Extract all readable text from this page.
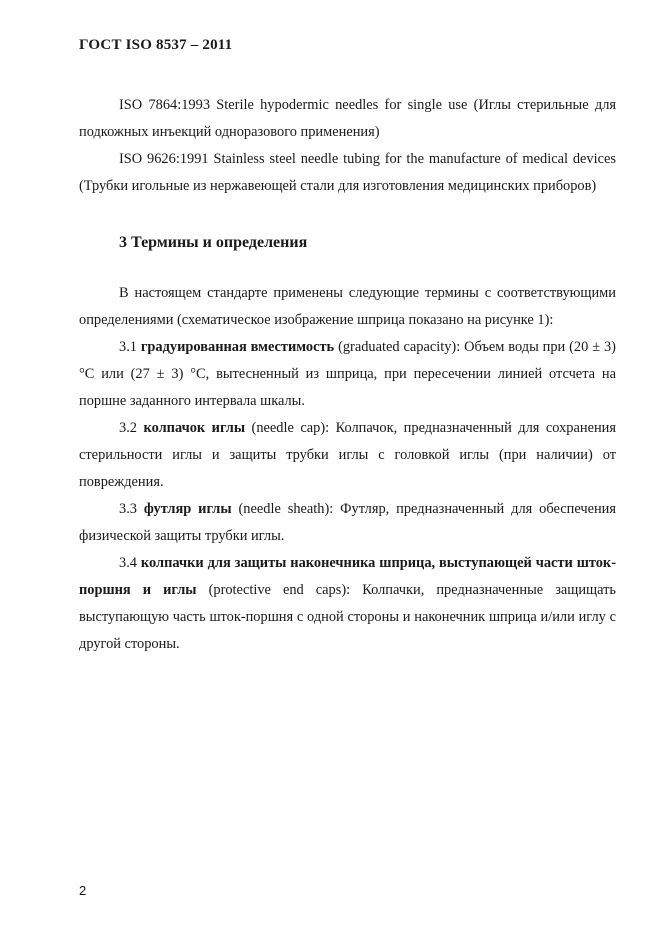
ГОСТ ISO 8537 – 2011

ISO 7864:1993 Sterile hypodermic needles for single use (Иглы стерильные для подкожных инъекций одноразового применения)

ISO 9626:1991 Stainless steel needle tubing for the manufacture of medical devices (Трубки игольные из нержавеющей стали для изготовления медицинских приборов)

3 Термины и определения

В настоящем стандарте применены следующие термины с соответствующими определениями (схематическое изображение шприца показано на рисунке 1):

3.1 градуированная вместимость (graduated capacity): Объем воды при (20 ± 3) °С или (27 ± 3) °С, вытесненный из шприца, при пересечении линией отсчета на поршне заданного интервала шкалы.

3.2 колпачок иглы (needle cap): Колпачок, предназначенный для сохранения стерильности иглы и защиты трубки иглы с головкой иглы (при наличии) от повреждения.

3.3 футляр иглы (needle sheath): Футляр, предназначенный для обеспечения физической защиты трубки иглы.

3.4 колпачки для защиты наконечника шприца, выступающей части шток-поршня и иглы (protective end caps): Колпачки, предназначенные защищать выступающую часть шток-поршня с одной стороны и наконечник шприца и/или иглу с другой стороны.

2
